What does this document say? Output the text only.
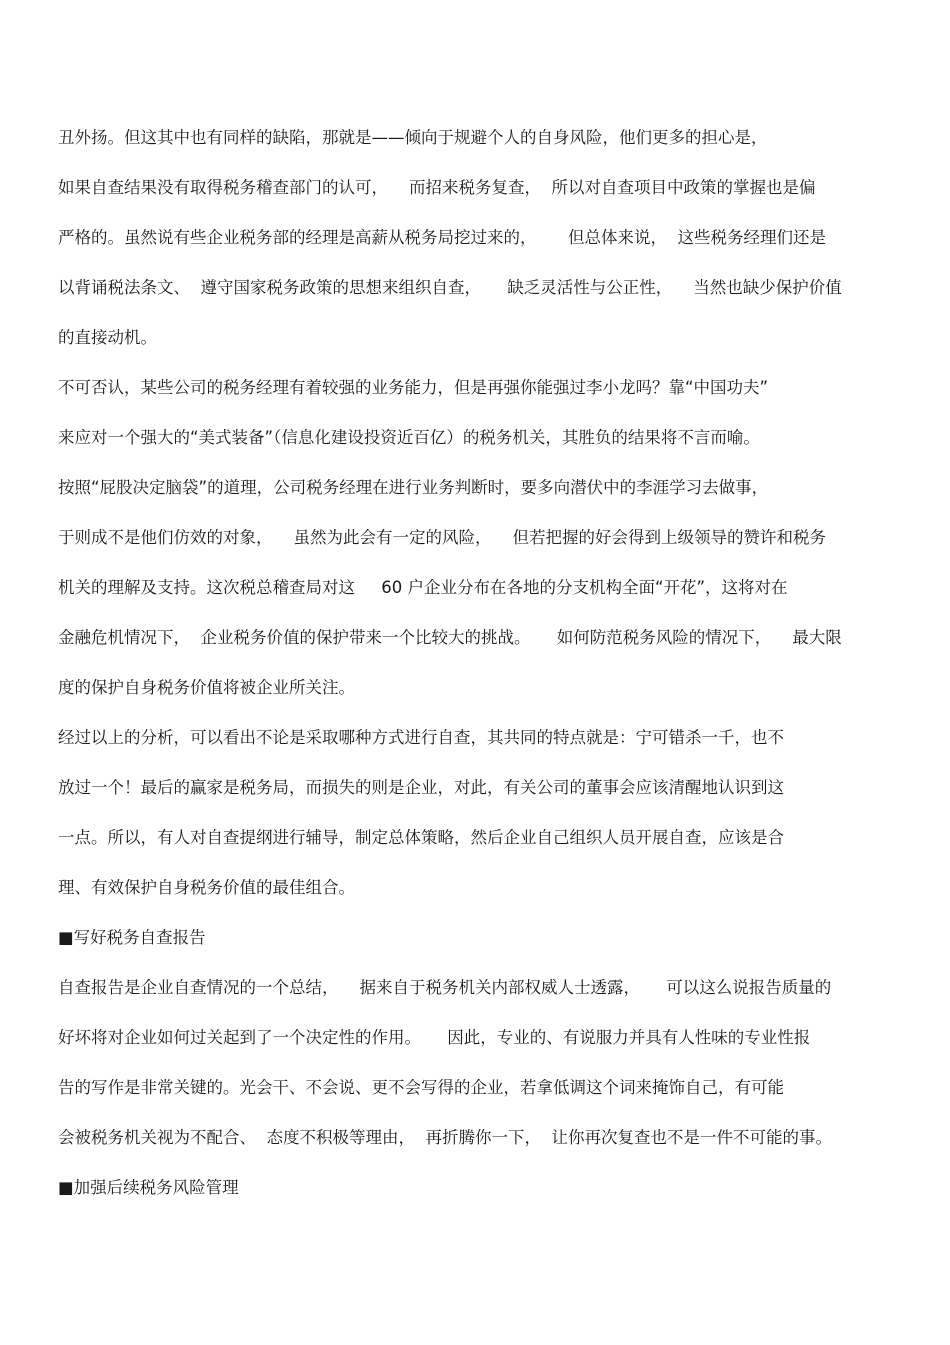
丑外扬。但这其中也有同样的缺陷，那就是——倾向于规避个人的自身风险，他们更多的担心是，

如果自查结果没有取得税务稽查部门的认可，    而招来税务复查，  所以对自查项目中政策的掌握也是偏

严格的。虽然说有些企业税务部的经理是高薪从税务局挖过来的，      但总体来说，  这些税务经理们还是

以背诵税法条文、  遵守国家税务政策的思想来组织自查，     缺乏灵活性与公正性，    当然也缺少保护价值

的直接动机。

不可否认，某些公司的税务经理有着较强的业务能力，但是再强你能强过李小龙吗？靠“中国功夫”

来应对一个强大的“美式装备”（信息化建设投资近百亿）的税务机关，其胜负的结果将不言而喻。

按照“屁股决定脑袋”的道理，公司税务经理在进行业务判断时，要多向潜伏中的李涯学习去做事，

于则成不是他们仿效的对象，    虽然为此会有一定的风险，    但若把握的好会得到上级领导的赞许和税务

机关的理解及支持。这次税总稽查局对这     60 户企业分布在各地的分支机构全面“开花”，这将对在

金融危机情况下，  企业税务价值的保护带来一个比较大的挑战。     如何防范税务风险的情况下，    最大限

度的保护自身税务价值将被企业所关注。

经过以上的分析，可以看出不论是采取哪种方式进行自查，其共同的特点就是：宁可错杀一千，也不

放过一个！最后的赢家是税务局，而损失的则是企业，对此，有关公司的董事会应该清醒地认识到这

一点。所以，有人对自查提纲进行辅导，制定总体策略，然后企业自己组织人员开展自查，应该是合

理、有效保护自身税务价值的最佳组合。

■写好税务自查报告

自查报告是企业自查情况的一个总结，    据来自于税务机关内部权威人士透露，     可以这么说报告质量的

好坏将对企业如何过关起到了一个决定性的作用。     因此，专业的、有说服力并具有人性味的专业性报

告的写作是非常关键的。光会干、不会说、更不会写得的企业，若拿低调这个词来掩饰自己，有可能

会被税务机关视为不配合、  态度不积极等理由，  再折腾你一下，  让你再次复查也不是一件不可能的事。

■加强后续税务风险管理
